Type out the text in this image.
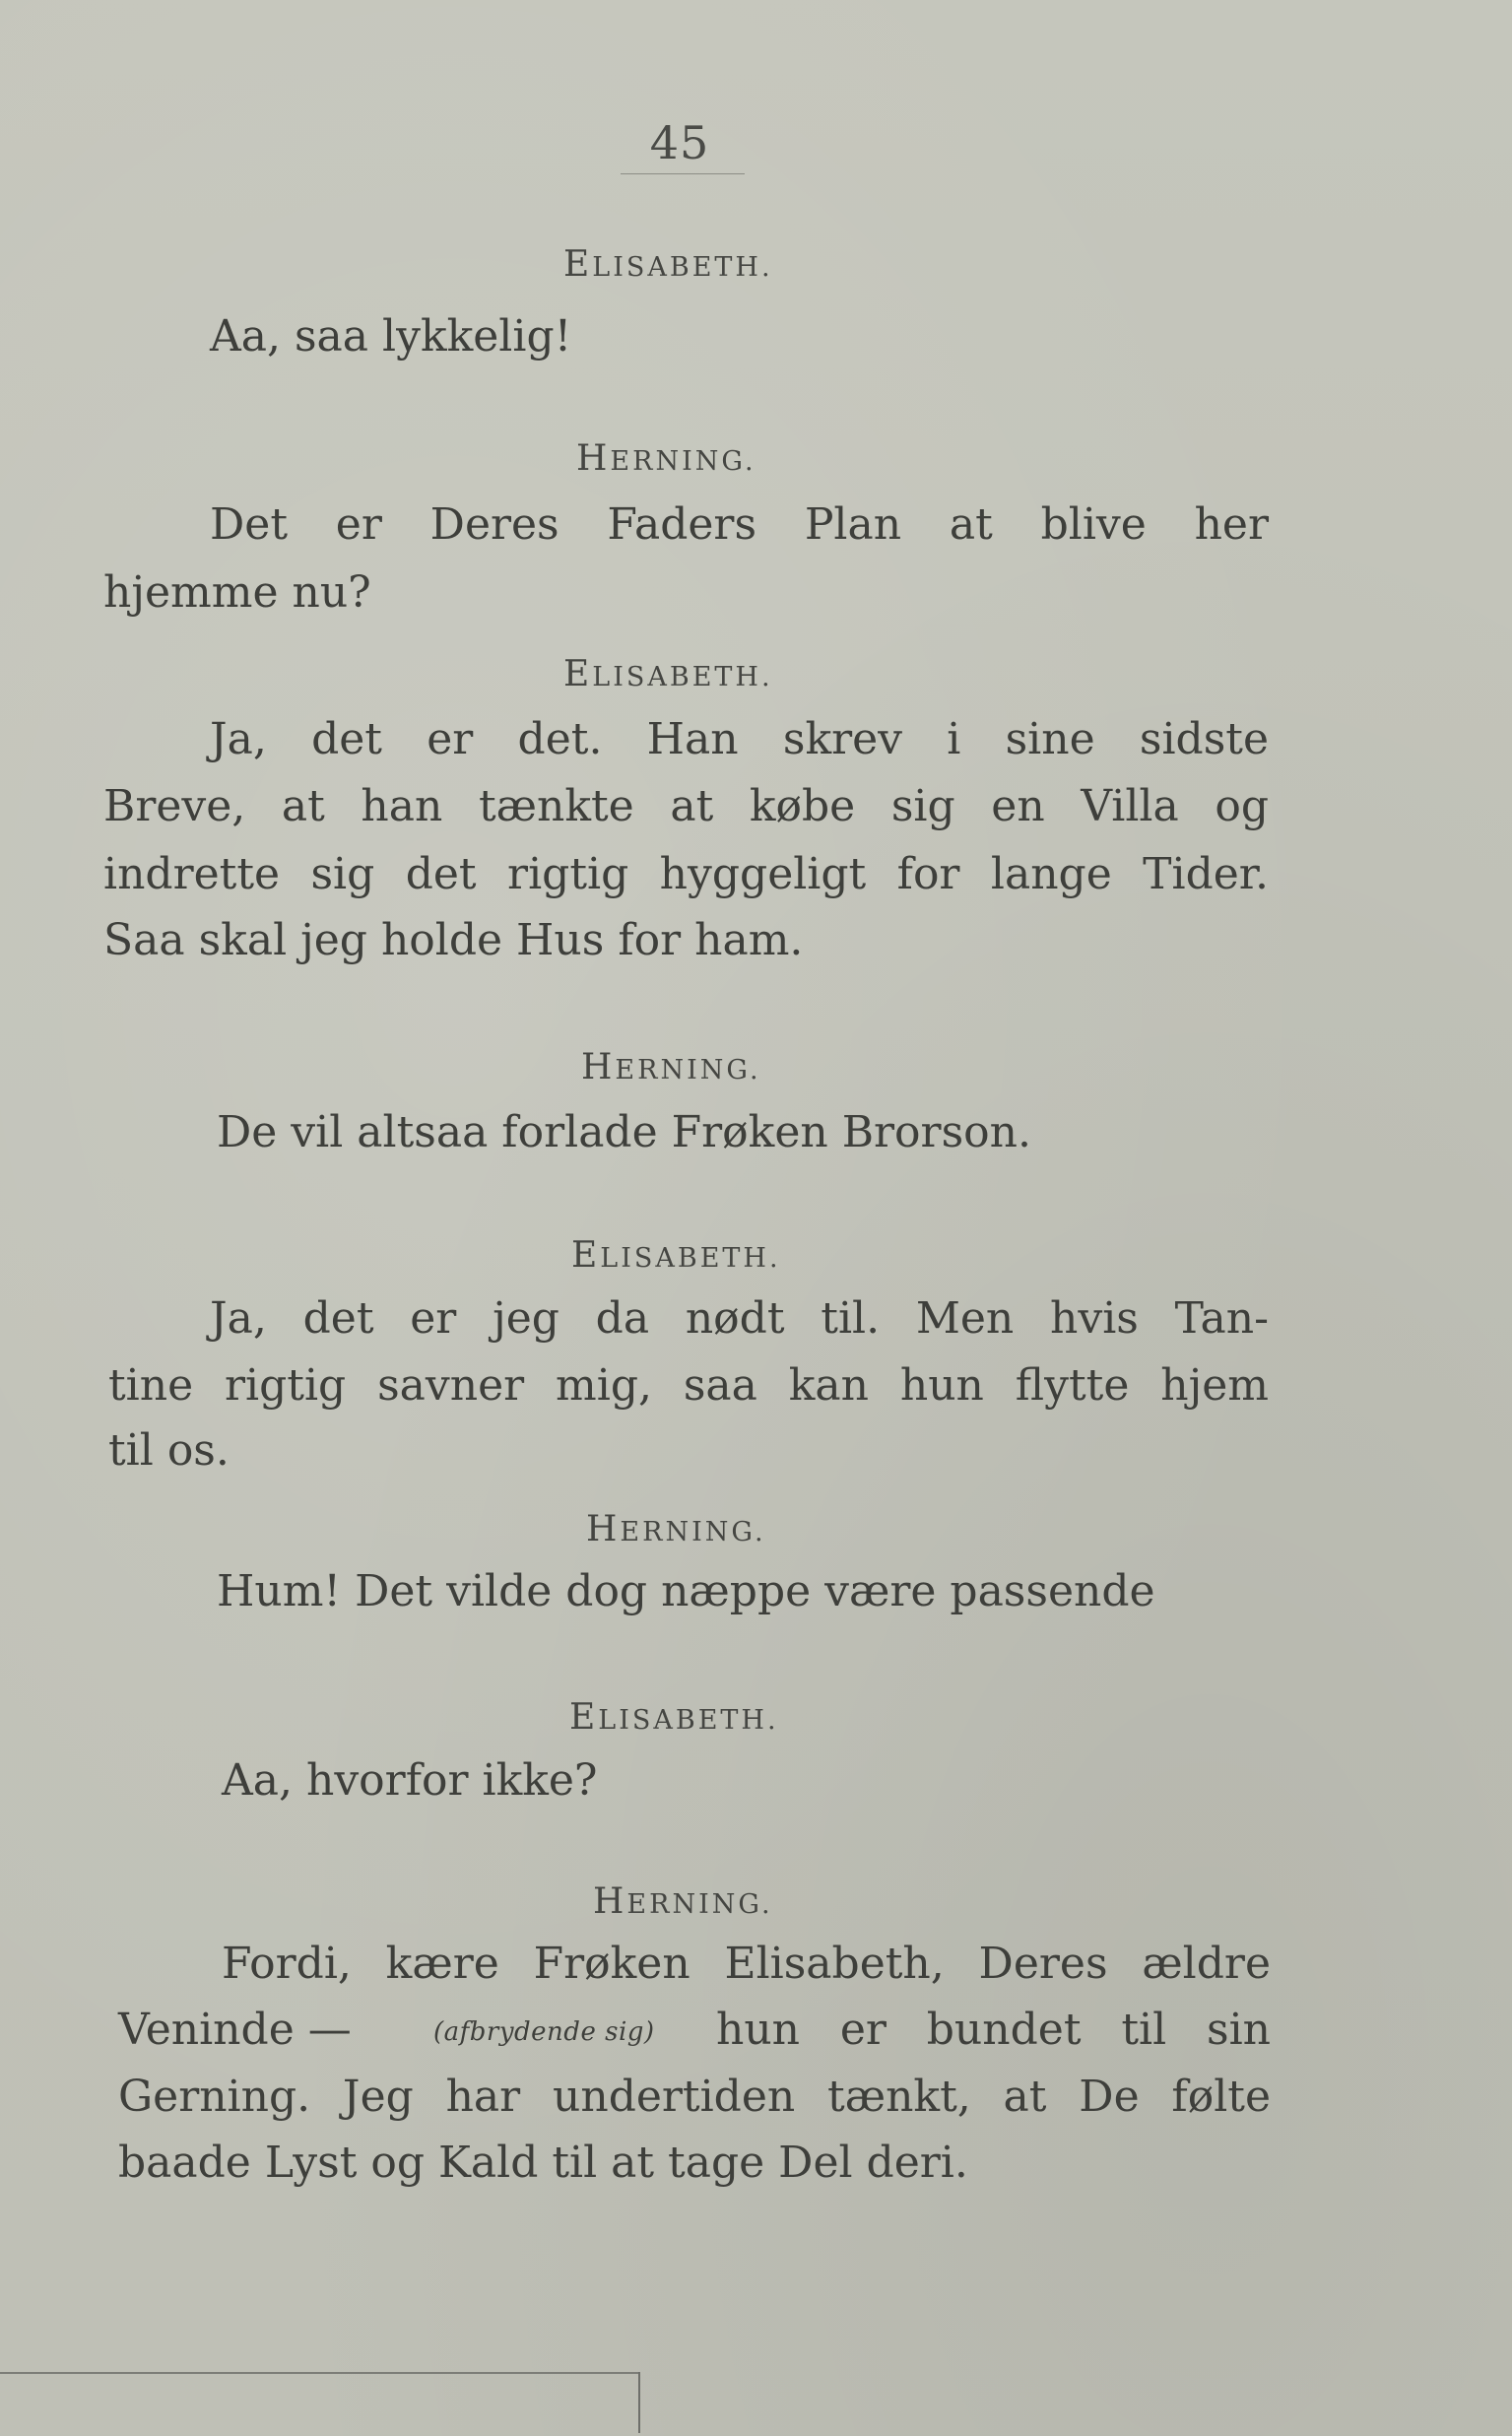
45
ELISABETH.
Aa, saa lykkelig!
HERNING.
Det er Deres Faders Plan at blive her
hjemme nu?
ELISABETH.
Ja, det er det. Han skrev i sine sidste
Breve, at han tænkte at købe sig en Villa og
indrette sig det rigtig hyggeligt for lange Tider.
Saa skal jeg holde Hus for ham.
HERNING.
De vil altsaa forlade Frøken Brorson.
ELISABETH.
Ja, det er jeg da nødt til. Men hvis Tan-
tine rigtig savner mig, saa kan hun flytte hjem
til os.
HERNING.
Hum! Det vilde dog næppe være passende
ELISABETH.
Aa, hvorfor ikke?
HERNING.
Fordi, kære Frøken Elisabeth, Deres ældre
Veninde —	(afbrydende sig) hun er bundet til sin
Gerning. Jeg har undertiden tænkt, at De følte
baade Lyst og Kald til at tage Del deri.
